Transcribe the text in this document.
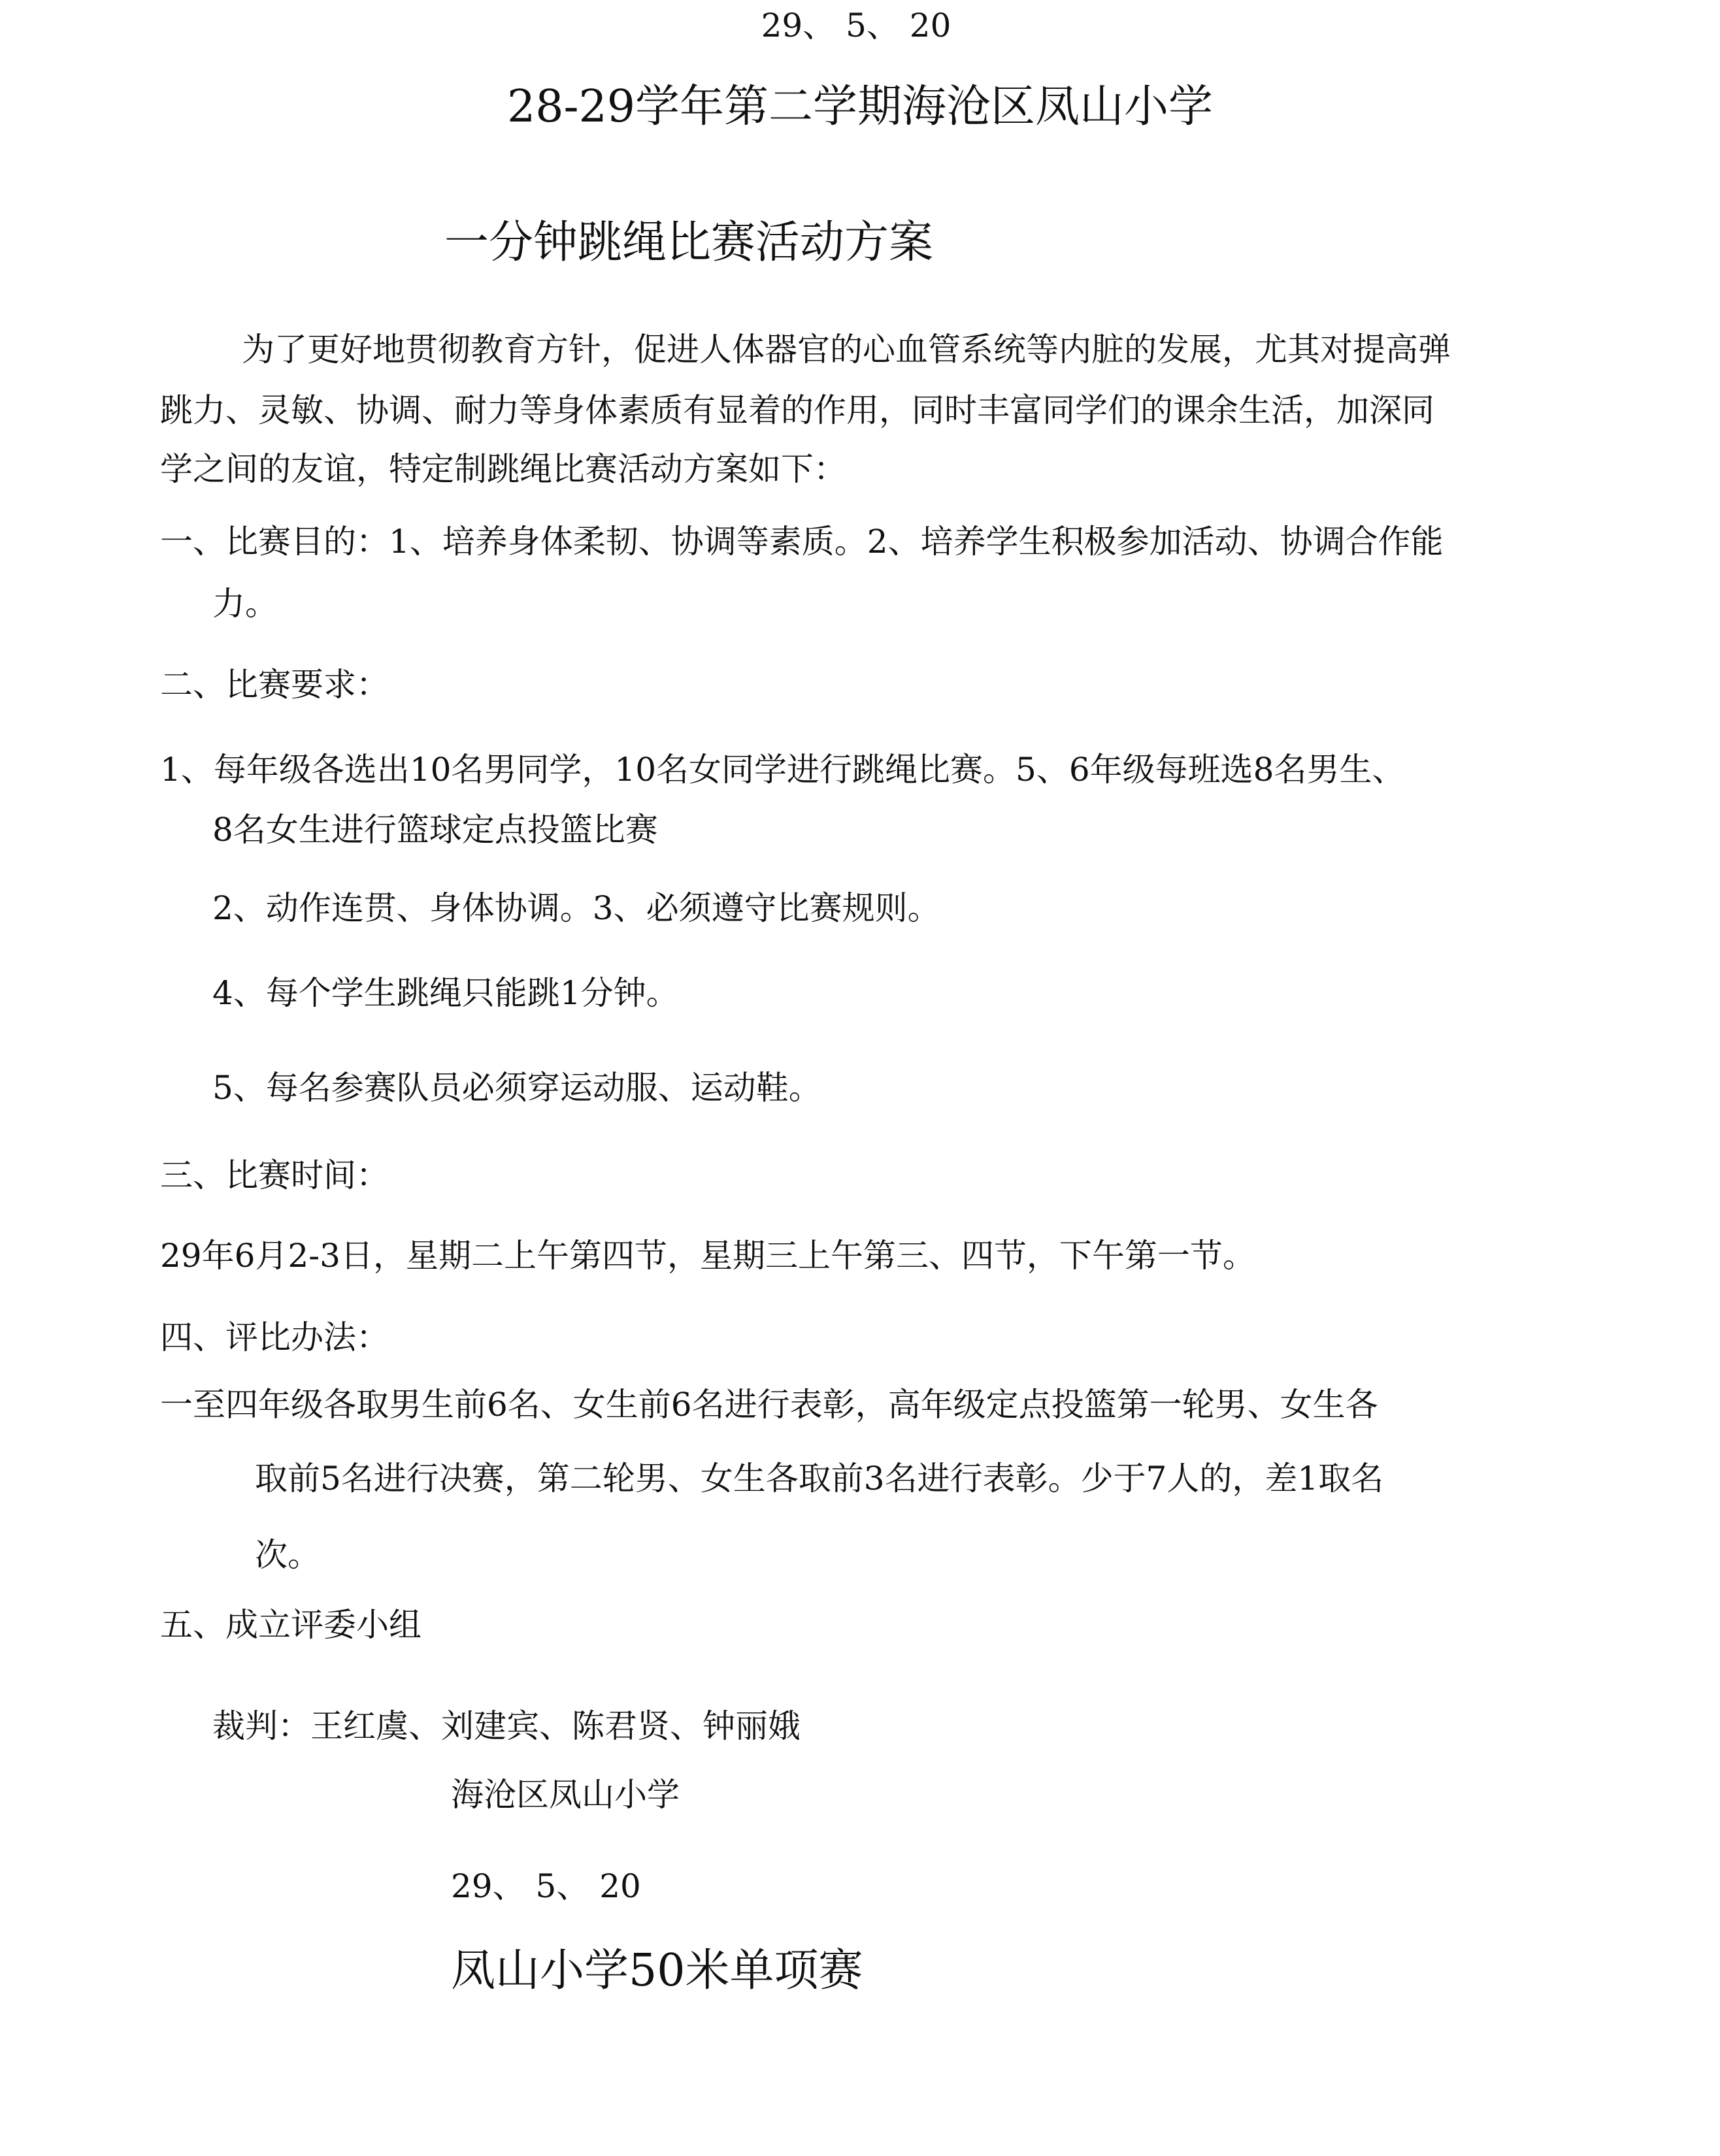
29、 5、 20
28-29学年第二学期海沧区凤山小学
一分钟跳绳比赛活动方案
为了更好地贯彻教育方针，促进人体器官的心血管系统等内脏的发展，尤其对提高弹
跳力、灵敏、协调、耐力等身体素质有显着的作用，同时丰富同学们的课余生活，加深同
学之间的友谊，特定制跳绳比赛活动方案如下：
一、比赛目的：1、培养身体柔韧、协调等素质。2、培养学生积极参加活动、协调合作能
力。
二、比赛要求：
1、每年级各选出10名男同学，10名女同学进行跳绳比赛。5、6年级每班选8名男生、
8名女生进行篮球定点投篮比赛
2、动作连贯、身体协调。3、必须遵守比赛规则。
4、每个学生跳绳只能跳1分钟。
5、每名参赛队员必须穿运动服、运动鞋。
三、比赛时间：
29年6月2-3日，星期二上午第四节，星期三上午第三、四节，下午第一节。
四、评比办法：
一至四年级各取男生前6名、女生前6名进行表彰，高年级定点投篮第一轮男、女生各
取前5名进行决赛，第二轮男、女生各取前3名进行表彰。少于7人的，差1取名
次。
五、成立评委小组
裁判：王红虞、刘建宾、陈君贤、钟丽娥
海沧区凤山小学
29、 5、 20
凤山小学50米单项赛
